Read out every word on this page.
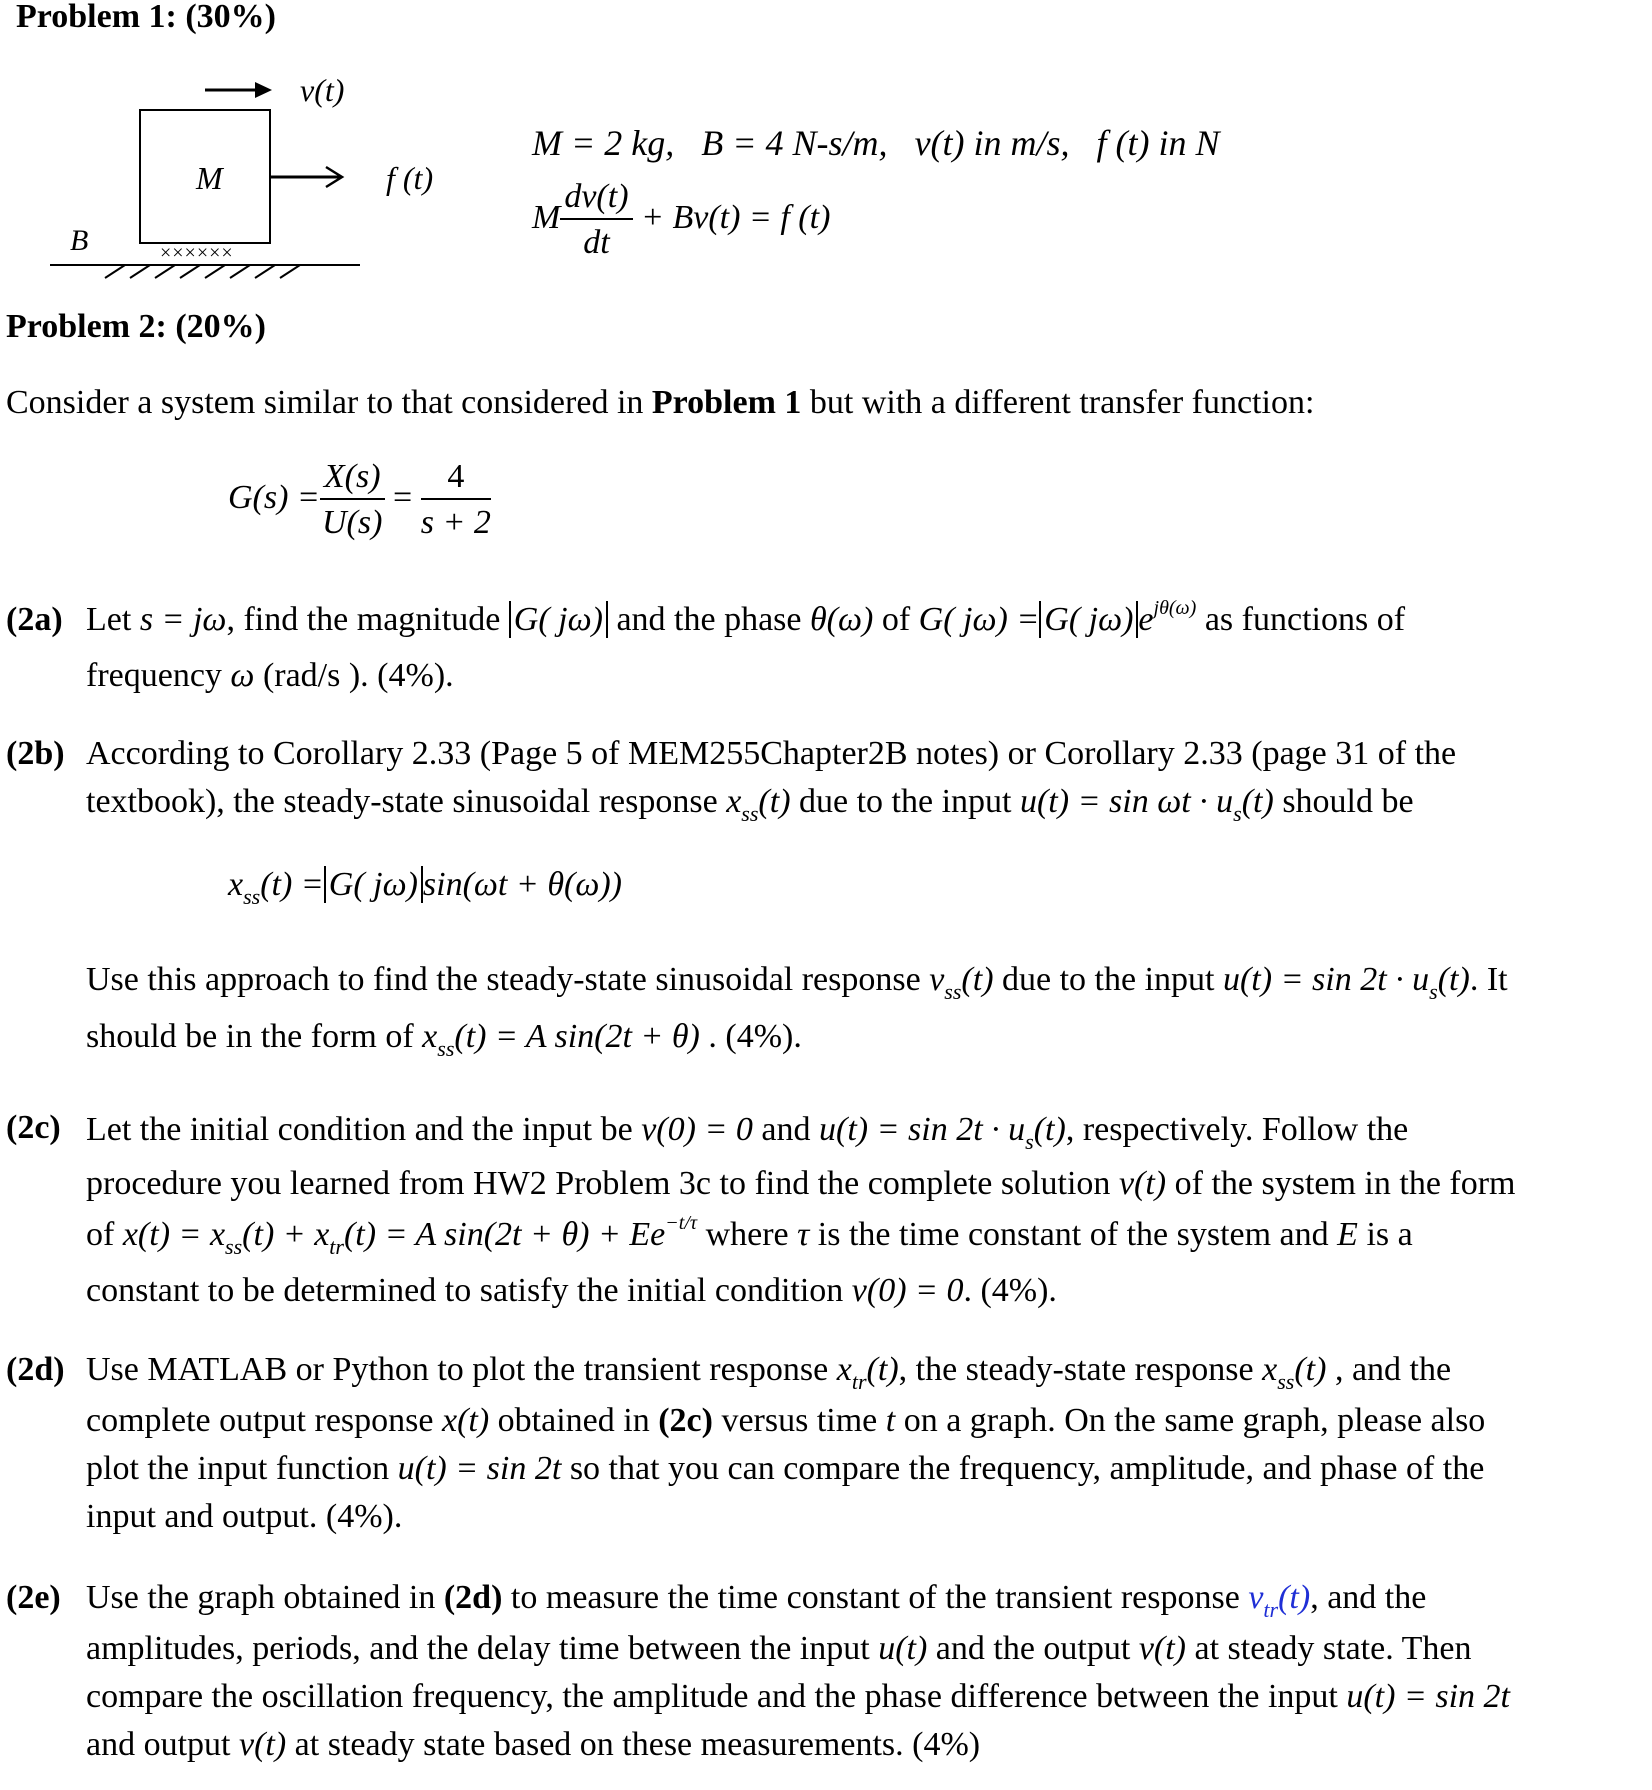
Problem 1: (30%)
v(t)
M	f (t)
B	××××××
M = 2 kg, B = 4 N-s/m, v(t) in m/s, f (t) in N
M $\frac{dv(t)}{dt} + Bv(t) = f$ (t)
Problem 2: (20%)
Consider a system similar to that considered in Problem 1 but with a different transfer function:
$G(s) = \frac{X(s)}{U(s)} = \frac{4}{s + 2}$
(2a) Let s = jω, find the magnitude G( jω) and the phase θ(ω) of G( jω) = G( jω) $e^{j\theta(\omega)}$ as functions of
frequency ω (rad/s ). (4%).
(2b) According to Corollary 2.33 (Page 5 of MEM255Chapter2B notes) or Corollary 2.33 (page 31 of the
textbook), the steady-state sinusoidal response $x_{ss}(t)$ due to the input $u(t) = \sin \omega t \cdot u_s(t)$ should be
$x_{ss}(t) = G$( jω) sin(ωt + θ(ω))
Use this approach to find the steady-state sinusoidal response $v_{ss}(t)$ due to the input $u(t) = \sin 2t \cdot u_s(t)$. It
should be in the form of $x_{ss}(t) = A$ sin(2t + θ) . (4%).
(2c) Let the initial condition and the input be v(0) = 0 and $u(t) = \sin 2t \cdot u_s(t)$, respectively. Follow the
procedure you learned from HW2 Problem 3c to find the complete solution v(t) of the system in the form
of $x(t) = x_{ss}(t) + x_{tr}(t) = A$ $\sin(2t + \theta) + Ee^{-t/\tau}$ where τ is the time constant of the system and E is a
constant to be determined to satisfy the initial condition v(0) = 0. (4%).
(2d) Use MATLAB or Python to plot the transient response $x_{tr}(t)$, the steady-state response $x_{ss}(t)$ , and the
complete output response x(t) obtained in (2c) versus time t on a graph. On the same graph, please also
plot the input function u(t) = sin 2t so that you can compare the frequency, amplitude, and phase of the
input and output. (4%).
(2e) Use the graph obtained in (2d) to measure the time constant of the transient response $v_{tr}(t)$, and the
amplitudes, periods, and the delay time between the input u(t) and the output v(t) at steady state. Then
compare the oscillation frequency, the amplitude and the phase difference between the input u(t) = sin 2t
and output v(t) at steady state based on these measurements. (4%)
